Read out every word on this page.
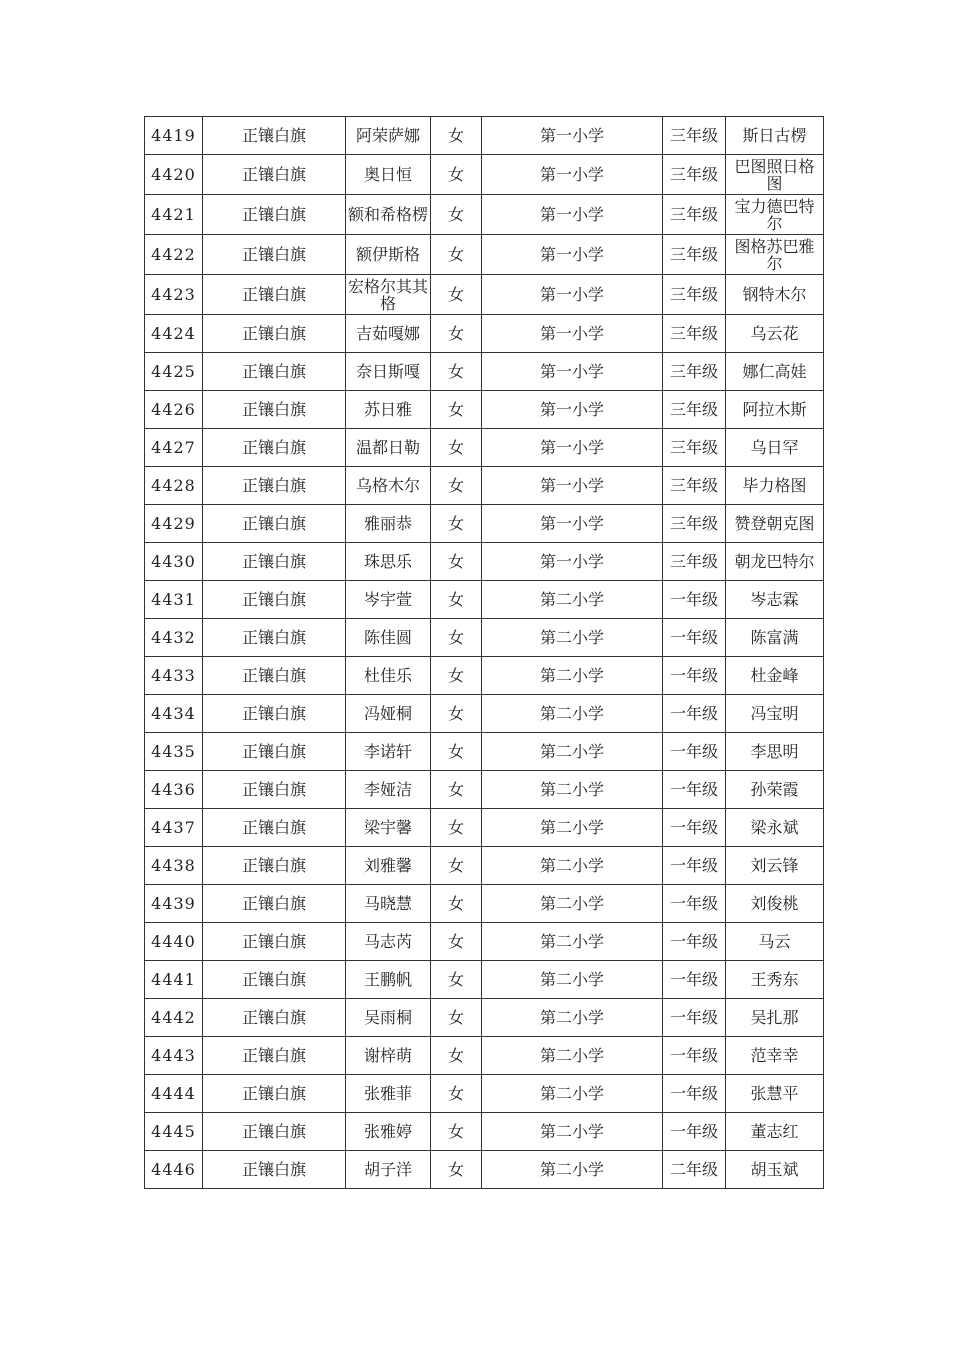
4419	正镶白旗	阿荣萨娜	女	第一小学	三年级	斯日古楞
4420	正镶白旗	奥日恒	女	第一小学	三年级	巴图照日格图
4421	正镶白旗	额和希格楞	女	第一小学	三年级	宝力德巴特尔
4422	正镶白旗	额伊斯格	女	第一小学	三年级	图格苏巴雅尔
4423	正镶白旗	宏格尔其其格	女	第一小学	三年级	钢特木尔
4424	正镶白旗	吉茹嘎娜	女	第一小学	三年级	乌云花
4425	正镶白旗	奈日斯嘎	女	第一小学	三年级	娜仁高娃
4426	正镶白旗	苏日雅	女	第一小学	三年级	阿拉木斯
4427	正镶白旗	温都日勒	女	第一小学	三年级	乌日罕
4428	正镶白旗	乌格木尔	女	第一小学	三年级	毕力格图
4429	正镶白旗	雅丽恭	女	第一小学	三年级	赞登朝克图
4430	正镶白旗	珠思乐	女	第一小学	三年级	朝龙巴特尔
4431	正镶白旗	岑宇萱	女	第二小学	一年级	岑志霖
4432	正镶白旗	陈佳圆	女	第二小学	一年级	陈富满
4433	正镶白旗	杜佳乐	女	第二小学	一年级	杜金峰
4434	正镶白旗	冯娅桐	女	第二小学	一年级	冯宝明
4435	正镶白旗	李诺轩	女	第二小学	一年级	李思明
4436	正镶白旗	李娅洁	女	第二小学	一年级	孙荣霞
4437	正镶白旗	梁宇馨	女	第二小学	一年级	梁永斌
4438	正镶白旗	刘雅馨	女	第二小学	一年级	刘云锋
4439	正镶白旗	马晓慧	女	第二小学	一年级	刘俊桃
4440	正镶白旗	马志芮	女	第二小学	一年级	马云
4441	正镶白旗	王鹏帆	女	第二小学	一年级	王秀东
4442	正镶白旗	吴雨桐	女	第二小学	一年级	吴扎那
4443	正镶白旗	谢梓萌	女	第二小学	一年级	范幸幸
4444	正镶白旗	张雅菲	女	第二小学	一年级	张慧平
4445	正镶白旗	张雅婷	女	第二小学	一年级	董志红
4446	正镶白旗	胡子洋	女	第二小学	二年级	胡玉斌
